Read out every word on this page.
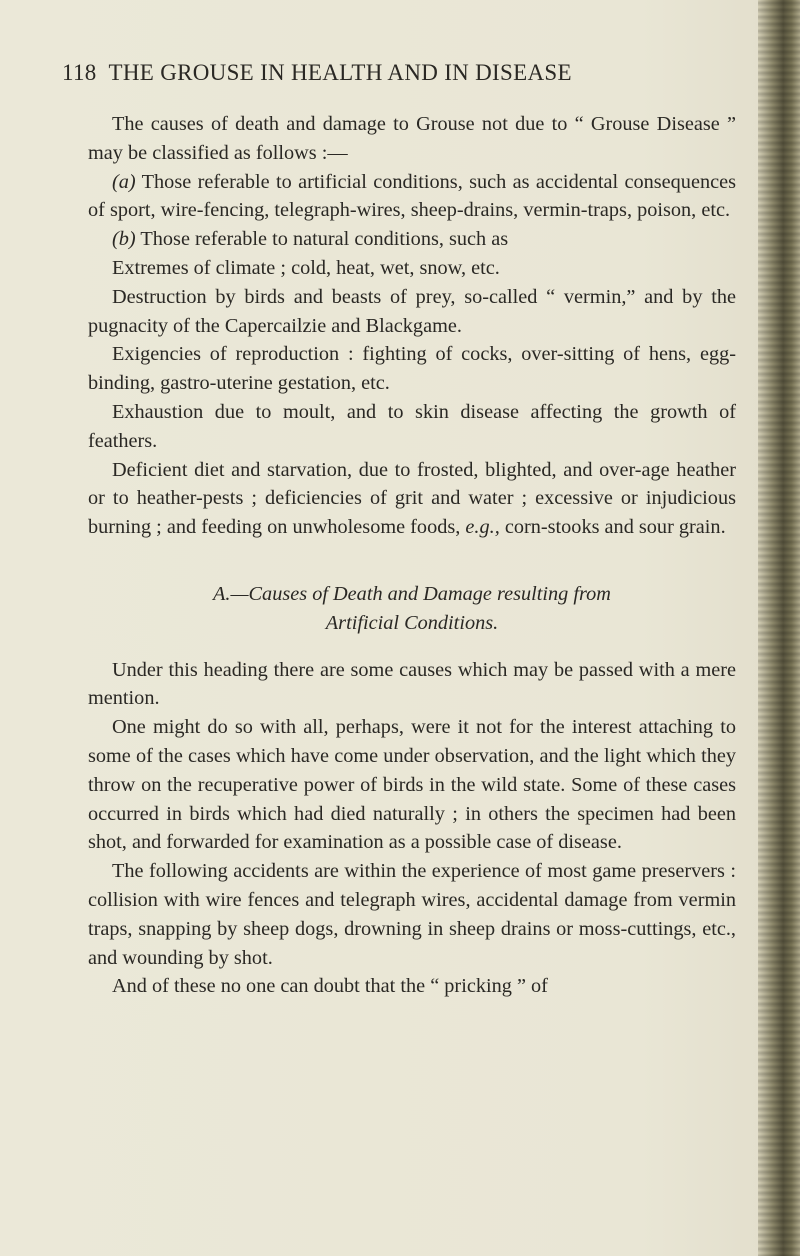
118 THE GROUSE IN HEALTH AND IN DISEASE

The causes of death and damage to Grouse not due to “ Grouse Disease ” may be classified as follows :—

(a) Those referable to artificial conditions, such as accidental consequences of sport, wire-fencing, telegraph-wires, sheep-drains, vermin-traps, poison, etc.

(b) Those referable to natural conditions, such as

Extremes of climate ; cold, heat, wet, snow, etc.

Destruction by birds and beasts of prey, so-called “ vermin,” and by the pugnacity of the Capercailzie and Blackgame.

Exigencies of reproduction : fighting of cocks, over-sitting of hens, egg-binding, gastro-uterine gestation, etc.

Exhaustion due to moult, and to skin disease affecting the growth of feathers.

Deficient diet and starvation, due to frosted, blighted, and over-age heather or to heather-pests ; deficiencies of grit and water ; excessive or injudicious burning ; and feeding on unwholesome foods, e.g., corn-stooks and sour grain.

A.—Causes of Death and Damage resulting from
Artificial Conditions.

Under this heading there are some causes which may be passed with a mere mention.

One might do so with all, perhaps, were it not for the interest attaching to some of the cases which have come under observation, and the light which they throw on the recuperative power of birds in the wild state. Some of these cases occurred in birds which had died naturally ; in others the specimen had been shot, and forwarded for examination as a possible case of disease.

The following accidents are within the experience of most game preservers : collision with wire fences and telegraph wires, accidental damage from vermin traps, snapping by sheep dogs, drowning in sheep drains or moss-cuttings, etc., and wounding by shot.

And of these no one can doubt that the “ pricking ” of
